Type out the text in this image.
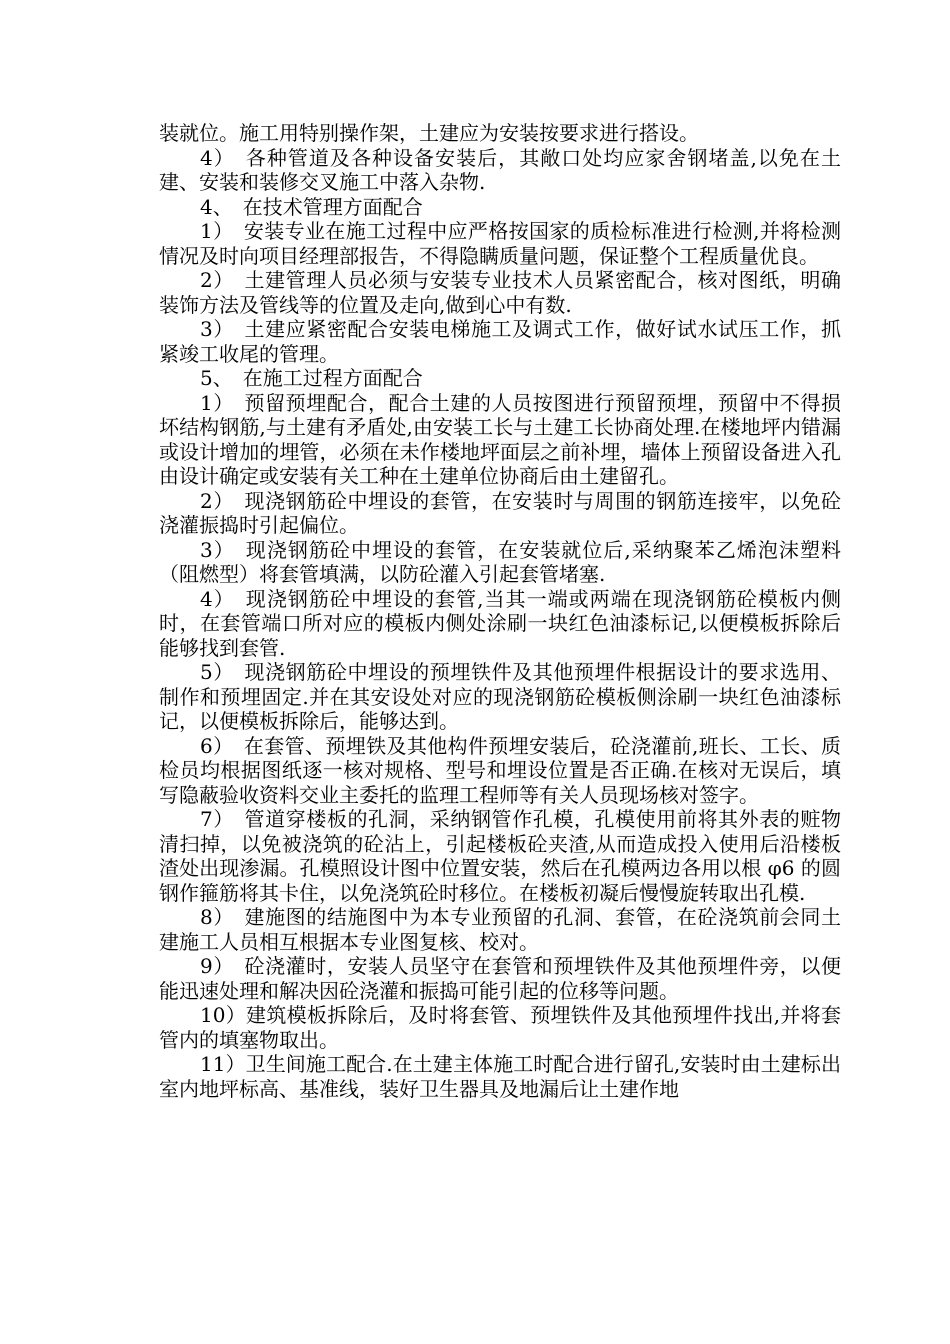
装就位。施工用特别操作架，土建应为安装按要求进行搭设。

4）　各种管道及各种设备安装后，其敞口处均应家舍钢堵盖,以免在土建、安装和装修交叉施工中落入杂物.

4、　在技术管理方面配合

1）　安装专业在施工过程中应严格按国家的质检标准进行检测,并将检测情况及时向项目经理部报告，不得隐瞒质量问题，保证整个工程质量优良。

2）　土建管理人员必须与安装专业技术人员紧密配合，核对图纸，明确装饰方法及管线等的位置及走向,做到心中有数.

3）　土建应紧密配合安装电梯施工及调式工作，做好试水试压工作，抓紧竣工收尾的管理。

5、　在施工过程方面配合

1）　预留预埋配合，配合土建的人员按图进行预留预埋，预留中不得损坏结构钢筋,与土建有矛盾处,由安装工长与土建工长协商处理.在楼地坪内错漏或设计增加的埋管，必须在未作楼地坪面层之前补埋，墙体上预留设备进入孔由设计确定或安装有关工种在土建单位协商后由土建留孔。

2）　现浇钢筋砼中埋设的套管，在安装时与周围的钢筋连接牢，以免砼浇灌振捣时引起偏位。

3）　现浇钢筋砼中埋设的套管，在安装就位后,采纳聚苯乙烯泡沫塑料（阻燃型）将套管填满，以防砼灌入引起套管堵塞.

4）　现浇钢筋砼中埋设的套管,当其一端或两端在现浇钢筋砼模板内侧时，在套管端口所对应的模板内侧处涂刷一块红色油漆标记,以便模板拆除后能够找到套管.

5）　现浇钢筋砼中埋设的预埋铁件及其他预埋件根据设计的要求选用、制作和预埋固定.并在其安设处对应的现浇钢筋砼模板侧涂刷一块红色油漆标记，以便模板拆除后，能够达到。

6）　在套管、预埋铁及其他构件预埋安装后，砼浇灌前,班长、工长、质检员均根据图纸逐一核对规格、型号和埋设位置是否正确.在核对无误后，填写隐蔽验收资料交业主委托的监理工程师等有关人员现场核对签字。

7）　管道穿楼板的孔洞，采纳钢管作孔模，孔模使用前将其外表的赃物清扫掉，以免被浇筑的砼沾上，引起楼板砼夹渣,从而造成投入使用后沿楼板渣处出现渗漏。孔模照设计图中位置安装，然后在孔模两边各用以根 φ6 的圆钢作箍筋将其卡住，以免浇筑砼时移位。在楼板初凝后慢慢旋转取出孔模.

8）　建施图的结施图中为本专业预留的孔洞、套管，在砼浇筑前会同土建施工人员相互根据本专业图复核、校对。

9）　砼浇灌时，安装人员坚守在套管和预埋铁件及其他预埋件旁，以便能迅速处理和解决因砼浇灌和振捣可能引起的位移等问题。

10）建筑模板拆除后，及时将套管、预埋铁件及其他预埋件找出,并将套管内的填塞物取出。

11）卫生间施工配合.在土建主体施工时配合进行留孔,安装时由土建标出室内地坪标高、基准线，装好卫生器具及地漏后让土建作地
